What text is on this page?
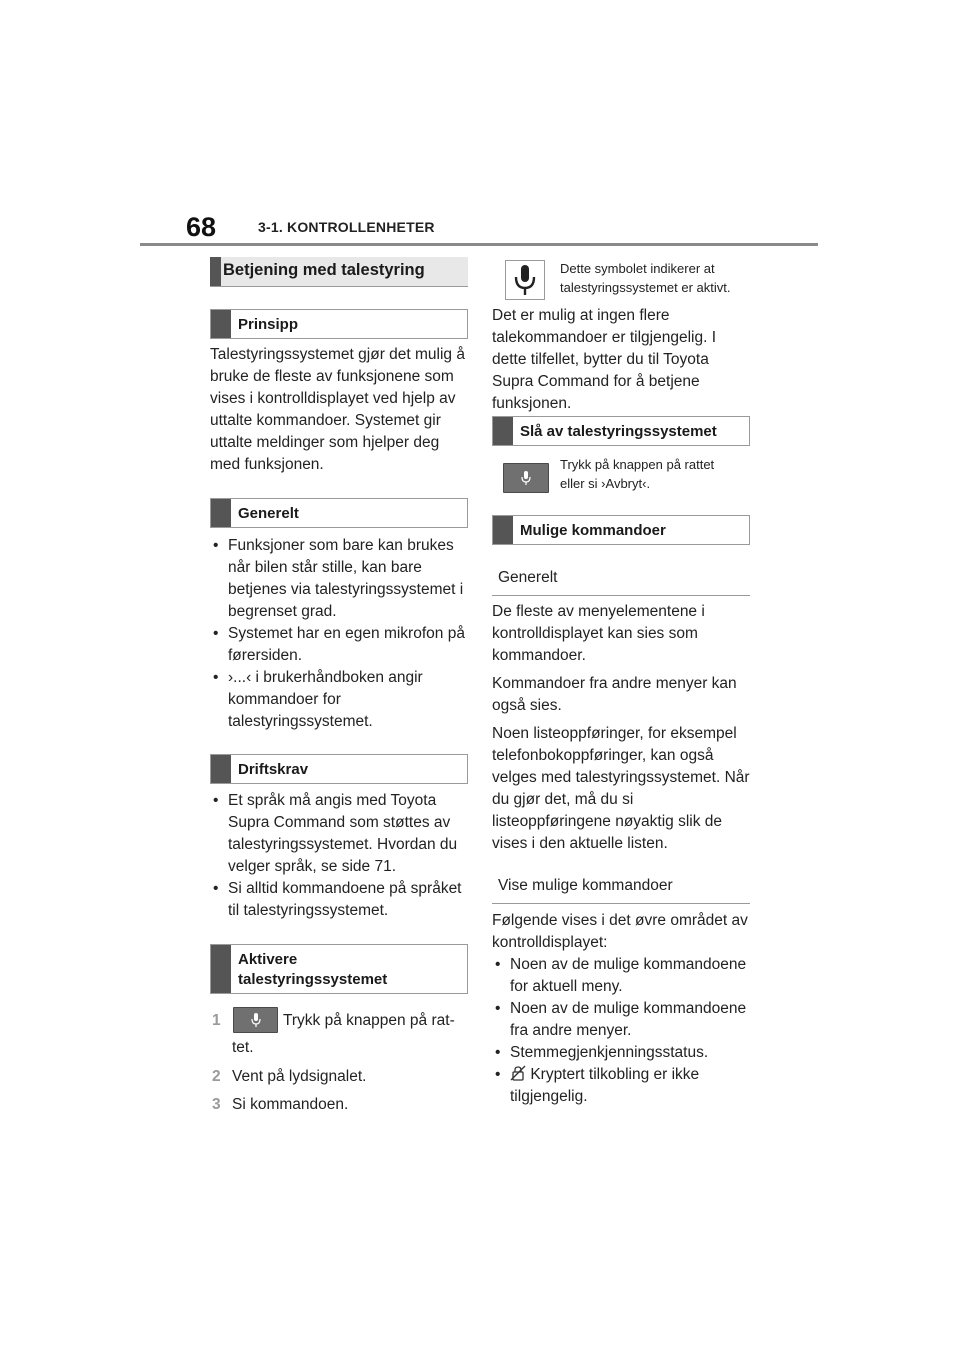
68	3-1. KONTROLLENHETER
Betjening med talestyring
Prinsipp

Talestyringssystemet gjør det mulig å bruke de fleste av funksjonene som vises i kontrolldisplayet ved hjelp av uttalte kommandoer. Systemet gir uttalte meldinger som hjelper deg med funksjonen.

Generelt
• Funksjoner som bare kan brukes når bilen står stille, kan bare betjenes via talestyringssystemet i begrenset grad.
• Systemet har en egen mikrofon på førersiden.
• ›...‹ i brukerhåndboken angir kommandoer for talestyringssystemet.
Driftskrav
• Et språk må angis med Toyota Supra Command som støttes av talestyringssystemet. Hvordan du velger språk, se side 71.
• Si alltid kommandoene på språket til talestyringssystemet.
Aktivere
talestyringssystemet
1	Trykk på knappen på rat-
tet.
2 Vent på lydsignalet.
3 Si kommandoen.
Dette symbolet indikerer at
talestyringssystemet er aktivt.

Det er mulig at ingen flere talekommandoer er tilgjengelig. I dette tilfellet, bytter du til Toyota Supra Command for å betjene funksjonen.

Slå av talestyringssystemet
Trykk på knappen på rattet
eller si ›Avbryt‹.
Mulige kommandoer
Generelt

De fleste av menyelementene i kontrolldisplayet kan sies som kommandoer.

Kommandoer fra andre menyer kan også sies.

Noen listeoppføringer, for eksempel telefonbokoppføringer, kan også velges med talestyringssystemet. Når du gjør det, må du si listeoppføringene nøyaktig slik de vises i den aktuelle listen.

Vise mulige kommandoer

Følgende vises i det øvre området av kontrolldisplayet:

• Noen av de mulige kommandoene for aktuell meny.
• Noen av de mulige kommandoene fra andre menyer.
• Stemmegjenkjenningsstatus.
• Kryptert tilkobling er ikke tilgjengelig.
